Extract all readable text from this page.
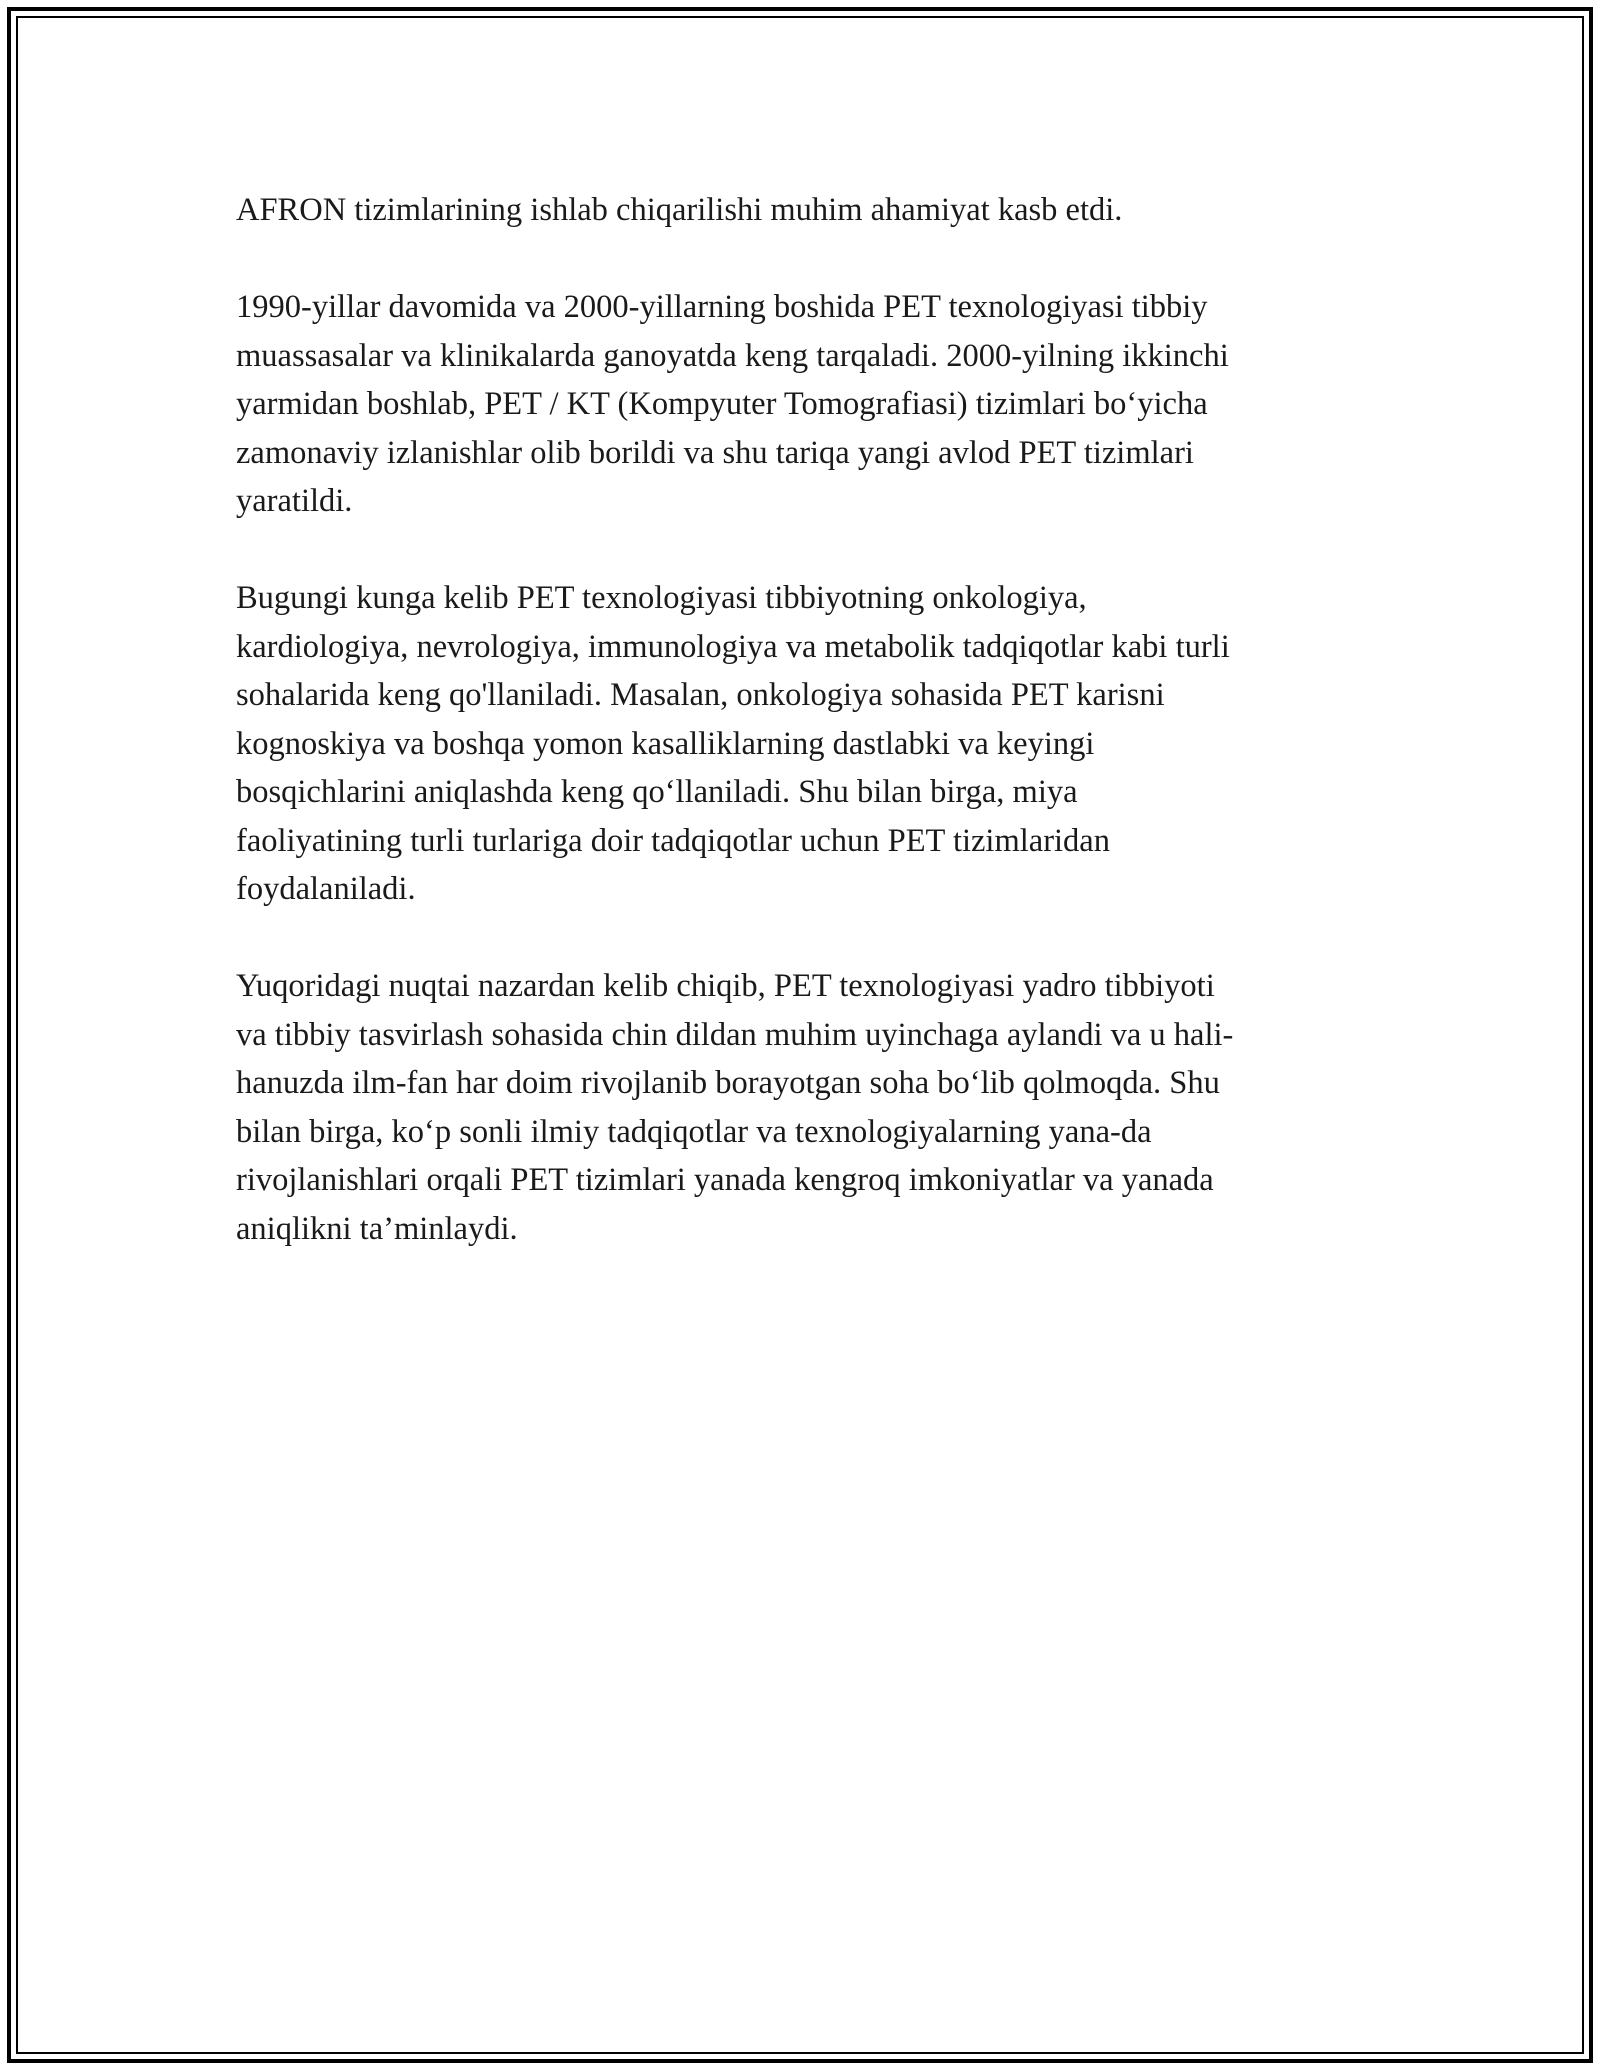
AFRON tizimlarining ishlab chiqarilishi muhim ahamiyat kasb etdi.

1990-yillar davomida va 2000-yillarning boshida PET texnologiyasi tibbiy
muassasalar va klinikalarda ganoyatda keng tarqaladi. 2000-yilning ikkinchi
yarmidan boshlab, PET / KT (Kompyuter Tomografiasi) tizimlari bo‘yicha
zamonaviy izlanishlar olib borildi va shu tariqa yangi avlod PET tizimlari
yaratildi.

Bugungi kunga kelib PET texnologiyasi tibbiyotning onkologiya,
kardiologiya, nevrologiya, immunologiya va metabolik tadqiqotlar kabi turli
sohalarida keng qo'llaniladi. Masalan, onkologiya sohasida PET karisni
kognoskiya va boshqa yomon kasalliklarning dastlabki va keyingi
bosqichlarini aniqlashda keng qo‘llaniladi. Shu bilan birga, miya
faoliyatining turli turlariga doir tadqiqotlar uchun PET tizimlaridan
foydalaniladi.

Yuqoridagi nuqtai nazardan kelib chiqib, PET texnologiyasi yadro tibbiyoti
va tibbiy tasvirlash sohasida chin dildan muhim uyinchaga aylandi va u hali-
hanuzda ilm-fan har doim rivojlanib borayotgan soha bo‘lib qolmoqda. Shu
bilan birga, ko‘p sonli ilmiy tadqiqotlar va texnologiyalarning yana-da
rivojlanishlari orqali PET tizimlari yanada kengroq imkoniyatlar va yanada
aniqlikni ta’minlaydi.
